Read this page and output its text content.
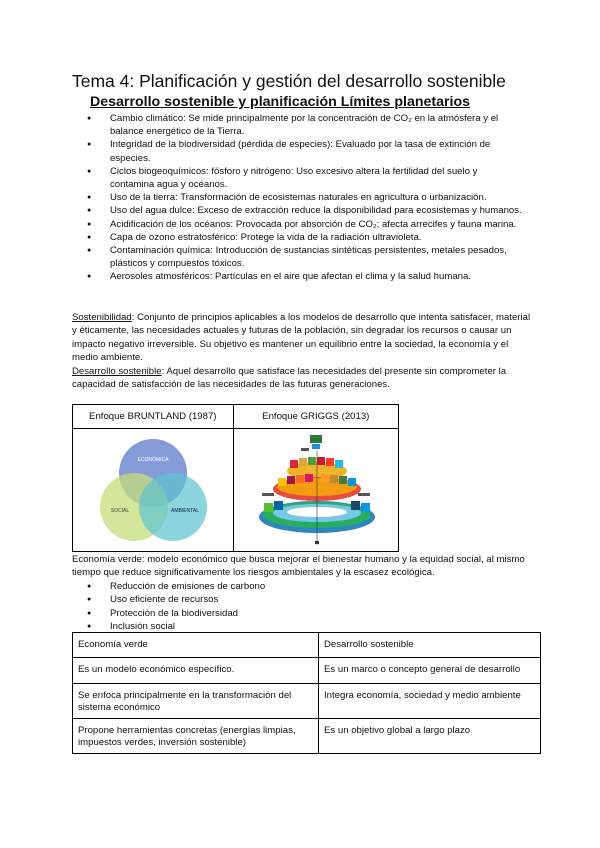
Tema 4: Planificación y gestión del desarrollo sostenible
Desarrollo sostenible y planificación Límites planetarios
● Cambio climático: Se mide principalmente por la concentración de CO₂ en la atmósfera y el balance energético de la Tierra.
● Integridad de la biodiversidad (pérdida de especies): Evaluado por la tasa de extinción de especies.
● Ciclos biogeoquímicos: fósforo y nitrógeno: Uso excesivo altera la fertilidad del suelo y contamina agua y océanos.
● Uso de la tierra: Transformación de ecosistemas naturales en agricultura o urbanización.
● Uso del agua dulce: Exceso de extracción reduce la disponibilidad para ecosistemas y humanos.
● Acidificación de los océanos: Provocada por absorción de CO₂; afecta arrecifes y fauna marina.
● Capa de ozono estratosférico: Protege la vida de la radiación ultravioleta.
● Contaminación química: Introducción de sustancias sintéticas persistentes, metales pesados, plásticos y compuestos tóxicos.
● Aerosoles atmosféricos: Partículas en el aire que afectan el clima y la salud humana.

Sostenibilidad: Conjunto de principios aplicables a los modelos de desarrollo que intenta satisfacer, material y éticamente, las necesidades actuales y futuras de la población, sin degradar los recursos o causar un impacto negativo irreversible. Su objetivo es mantener un equilibrio entre la sociedad, la economía y el medio ambiente.

Desarrollo sostenible: Aquel desarrollo que satisface las necesidades del presente sin comprometer la capacidad de satisfacción de las necesidades de las futuras generaciones.

Enfoque BRUNTLAND (1987)	Enfoque GRIGGS (2013)

ECONÓMICA
SOCIAL AMBIENTAL

Economía verde: modelo económico que busca mejorar el bienestar humano y la equidad social, al mismo tiempo que reduce significativamente los riesgos ambientales y la escasez ecológica.

● Reducción de emisiones de carbono
● Uso eficiente de recursos
● Protección de la biodiversidad
● Inclusión social
Economía verde	Desarrollo sostenible
Es un modelo económico específico.	Es un marco o concepto general de desarrollo
Se enfoca principalmente en la transformación del sistema económico	Integra economía, sociedad y medio ambiente
Propone herramientas concretas (energías limpias, impuestos verdes, inversión sostenible)	Es un objetivo global a largo plazo
